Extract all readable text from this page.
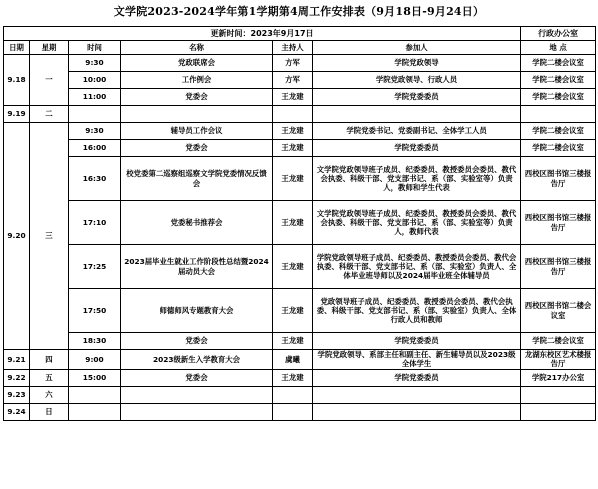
文学院2023-2024学年第1学期第4周工作安排表（9月18日-9月24日）
更新时间：2023年9月17日						行政办公室
日期	星期	时间	名称	主持人	参加人	地 点
9.18	一	9:30	党政联席会	方军	学院党政领导	学院二楼会议室
		10:00	工作例会	方军	学院党政领导、行政人员	学院二楼会议室
		11:00	党委会	王龙建	学院党委委员	学院二楼会议室
9.19	二					
9.20	三	9:30	辅导员工作会议	王龙建	学院党委书记、党委副书记、全体学工人员	学院二楼会议室
		16:00	党委会	王龙建	学院党委委员	学院二楼会议室
		16:30	校党委第二巡察组巡察文学院党委情况反馈会	王龙建	文学院党政领导班子成员、纪委委员、教授委员会委员、教代会执委、科级干部、党支部书记、系（部、实验室等）负责人，教师和学生代表	西校区图书馆三楼报告厅
		17:10	党委秘书推荐会	王龙建	文学院党政领导班子成员、纪委委员、教授委员会委员、教代会执委、科级干部、党支部书记、系（部、实验室等）负责人，教师代表	西校区图书馆三楼报告厅
		17:25	2023届毕业生就业工作阶段性总结暨2024届动员大会	王龙建	学院党政领导班子成员、纪委委员、教授委员会委员、教代会执委、科级干部、党支部书记、系（部、实验室）负责人、全体毕业班导师以及2024届毕业班全体辅导员	西校区图书馆三楼报告厅
		17:50	师德师风专题教育大会	王龙建	党政领导班子成员、纪委委员、教授委员会委员、教代会执委、科级干部、党支部书记、系（部、实验室）负责人、全体行政人员和教师	西校区图书馆二楼会议室
		18:30	党委会	王龙建	学院党委委员	学院二楼会议室
9.21	四	9:00	2023级新生入学教育大会	虞曦	学院党政领导、系部主任和副主任、新生辅导员以及2023级全体学生	龙湖东校区艺术楼报告厅
9.22	五	15:00	党委会	王龙建	学院党委委员	学院217办公室
9.23	六					
9.24	日					
